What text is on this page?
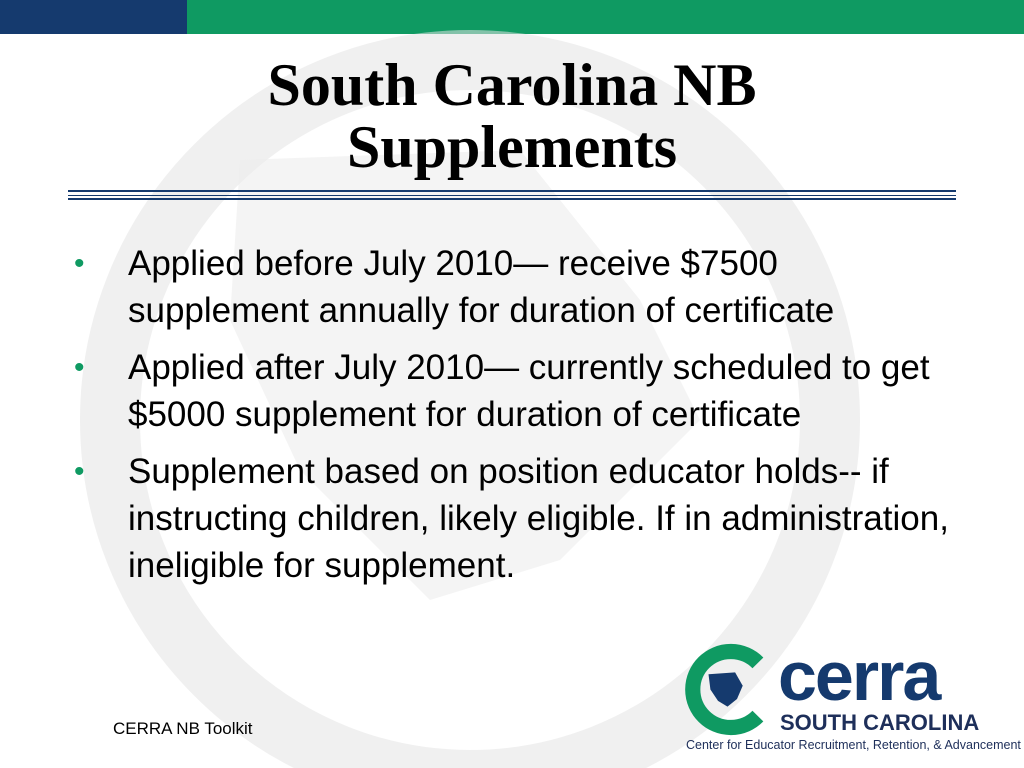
South Carolina NB
Supplements
• Applied before July 2010— receive $7500 supplement annually for duration of certificate
• Applied after July 2010— currently scheduled to get $5000 supplement for duration of certificate
• Supplement based on position educator holds-- if instructing children, likely eligible. If in administration, ineligible for supplement.
CERRA NB Toolkit
cerra
SOUTH CAROLINA
Center for Educator Recruitment, Retention, & Advancement
